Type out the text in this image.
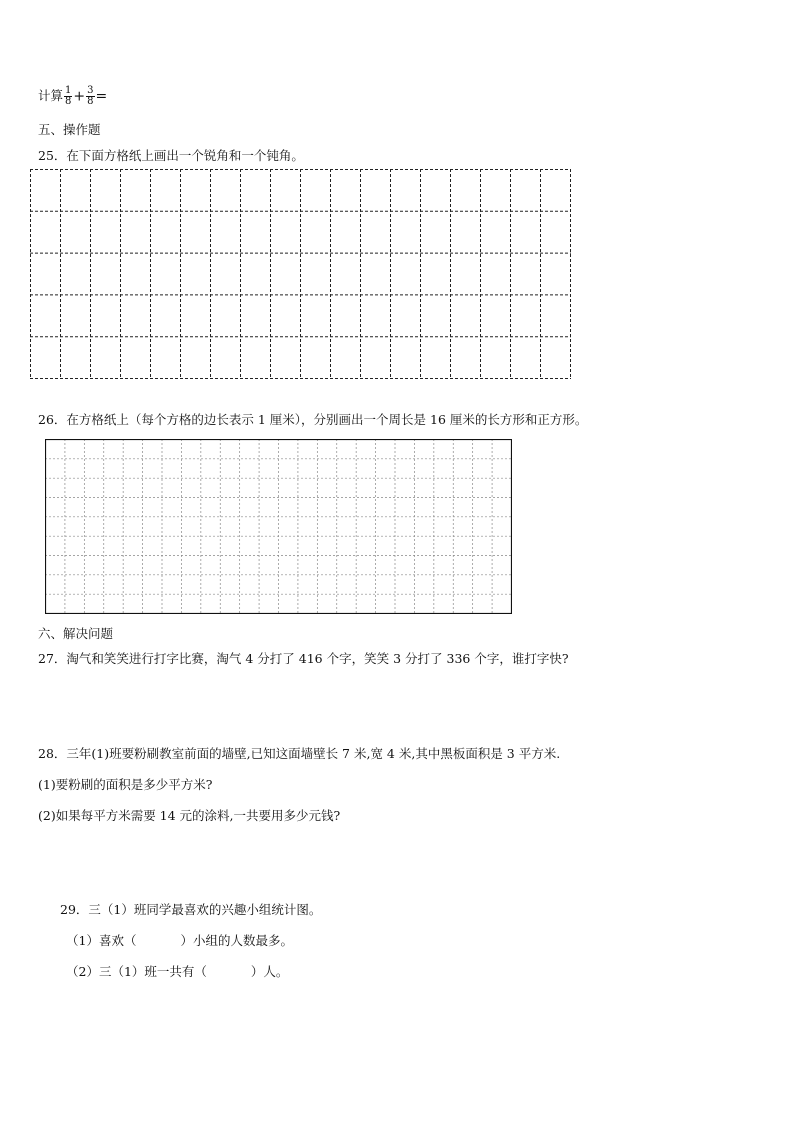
计算 $\frac{1}{8} + \frac{3}{8}$ =
五、操作题
25．在下面方格纸上画出一个锐角和一个钝角。
26．在方格纸上（每个方格的边长表示 1 厘米），分别画出一个周长是 16 厘米的长方形和正方形。
六、解决问题
27．淘气和笑笑进行打字比赛，淘气 4 分打了 416 个字，笑笑 3 分打了 336 个字，谁打字快?
28．三年(1)班要粉刷教室前面的墙壁,已知这面墙壁长 7 米,宽 4 米,其中黑板面积是 3 平方米.
(1)要粉刷的面积是多少平方米?
(2)如果每平方米需要 14 元的涂料,一共要用多少元钱?
29．三（1）班同学最喜欢的兴趣小组统计图。
（1）喜欢（	）小组的人数最多。
（2）三（1）班一共有（	）人。
